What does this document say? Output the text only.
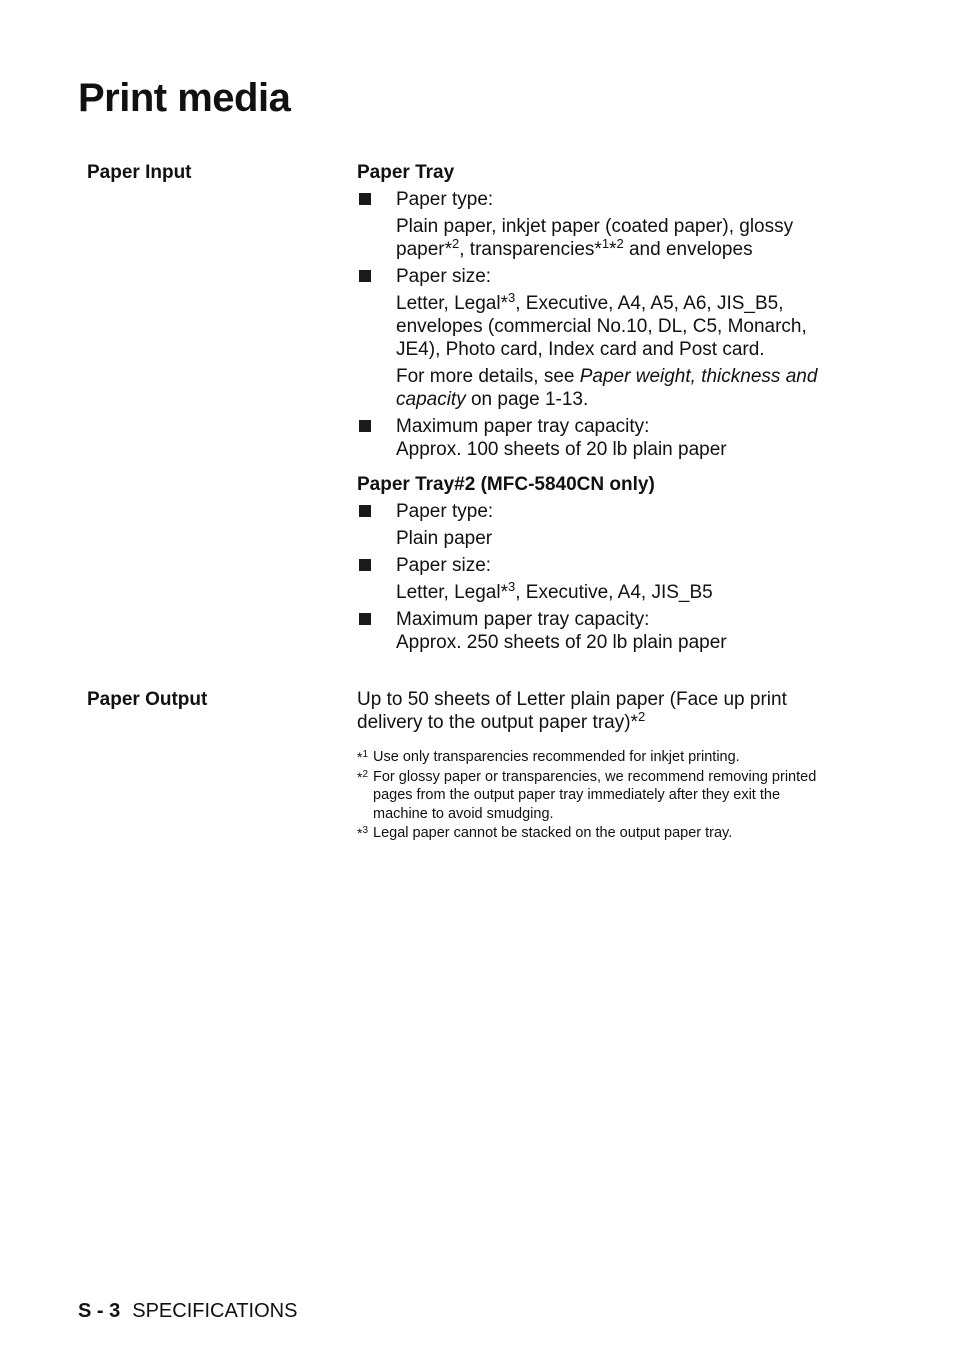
Print media
Paper Input	Paper Tray
Paper type:
Plain paper, inkjet paper (coated paper), glossy paper*$^2$, transparencies*$^1$*$^2$ and envelopes
Paper size:
Letter, Legal*$^3$, Executive, A4, A5, A6, JIS_B5, envelopes (commercial No.10, DL, C5, Monarch, JE4), Photo card, Index card and Post card.
For more details, see Paper weight, thickness and capacity on page 1-13.
Maximum paper tray capacity:
Approx. 100 sheets of 20 lb plain paper
Paper Tray#2 (MFC-5840CN only)
Paper type:
Plain paper
Paper size:
Letter, Legal*$^3$, Executive, A4, JIS_B5
Maximum paper tray capacity:
Approx. 250 sheets of 20 lb plain paper
Paper Output	Up to 50 sheets of Letter plain paper (Face up print delivery to the output paper tray)*$^2$

*$^1$ Use only transparencies recommended for inkjet printing.
*$^2$ For glossy paper or transparencies, we recommend removing printed pages from the output paper tray immediately after they exit the machine to avoid smudging.
*$^3$ Legal paper cannot be stacked on the output paper tray.
S - 3 SPECIFICATIONS
